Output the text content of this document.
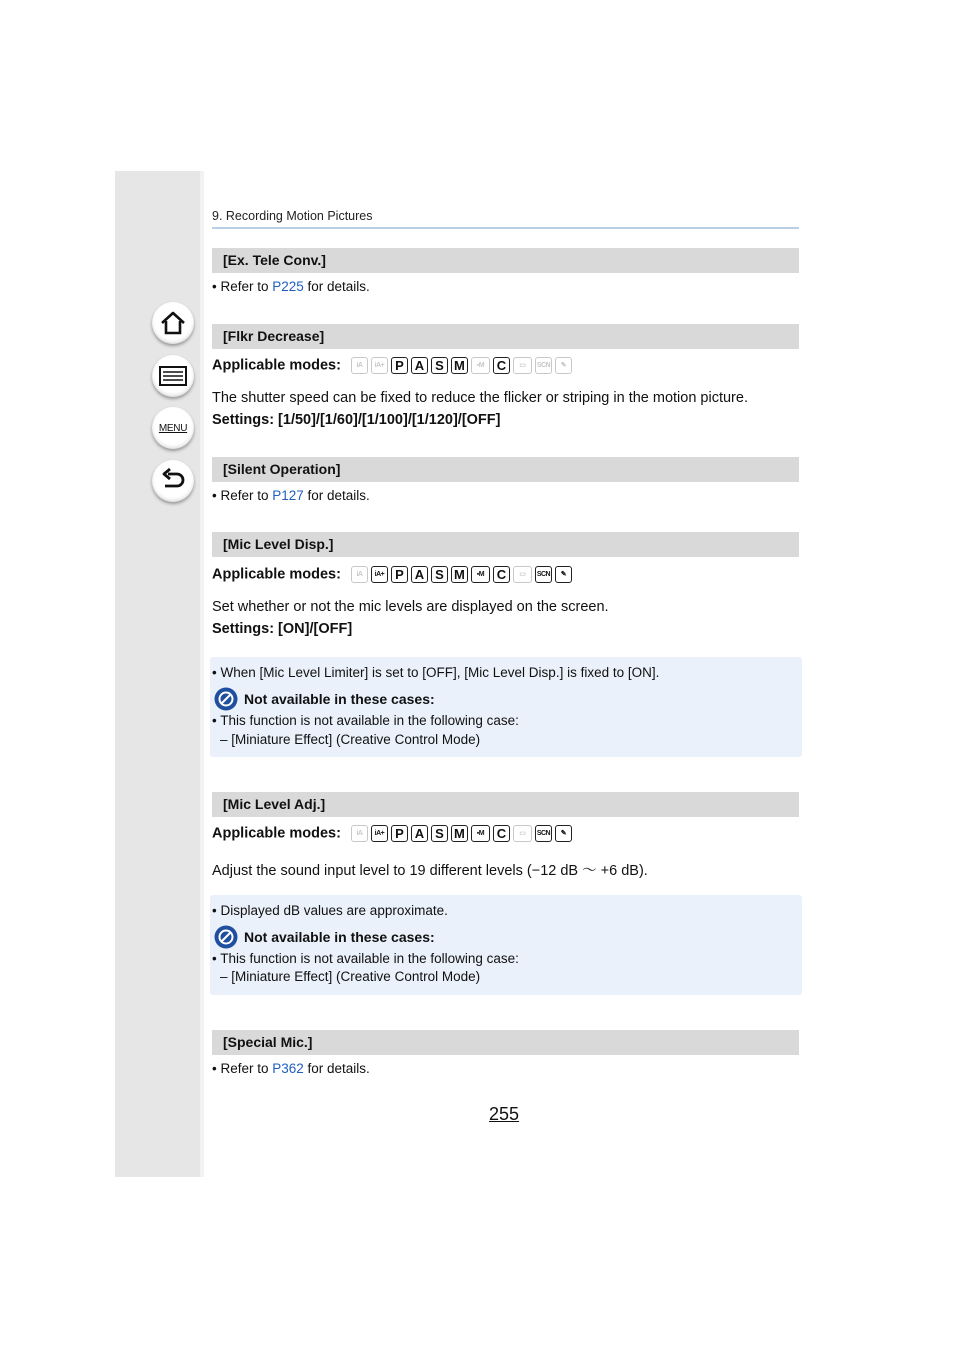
MENU
9. Recording Motion Pictures
[Ex. Tele Conv.]
• Refer to P225 for details.
[Flkr Decrease]
Applicable modes:	iA	iA+ P A S M	▪M C	▭	SCN	✎
The shutter speed can be fixed to reduce the flicker or striping in the motion picture.
Settings: [1/50]/[1/60]/[1/100]/[1/120]/[OFF]
[Silent Operation]
• Refer to P127 for details.
[Mic Level Disp.]
Applicable modes:	iA	iA+ P A S M	▪M C	▭	SCN	✎
Set whether or not the mic levels are displayed on the screen.
Settings: [ON]/[OFF]
• When [Mic Level Limiter] is set to [OFF], [Mic Level Disp.] is fixed to [ON].
Not available in these cases:
• This function is not available in the following case:
– [Miniature Effect] (Creative Control Mode)
[Mic Level Adj.]
Applicable modes:	iA	iA+ P A S M	▪M C	▭	SCN	✎
Adjust the sound input level to 19 different levels (−12 dB ～ +6 dB).
• Displayed dB values are approximate.
Not available in these cases:
• This function is not available in the following case:
– [Miniature Effect] (Creative Control Mode)
[Special Mic.]
• Refer to P362 for details.
255
